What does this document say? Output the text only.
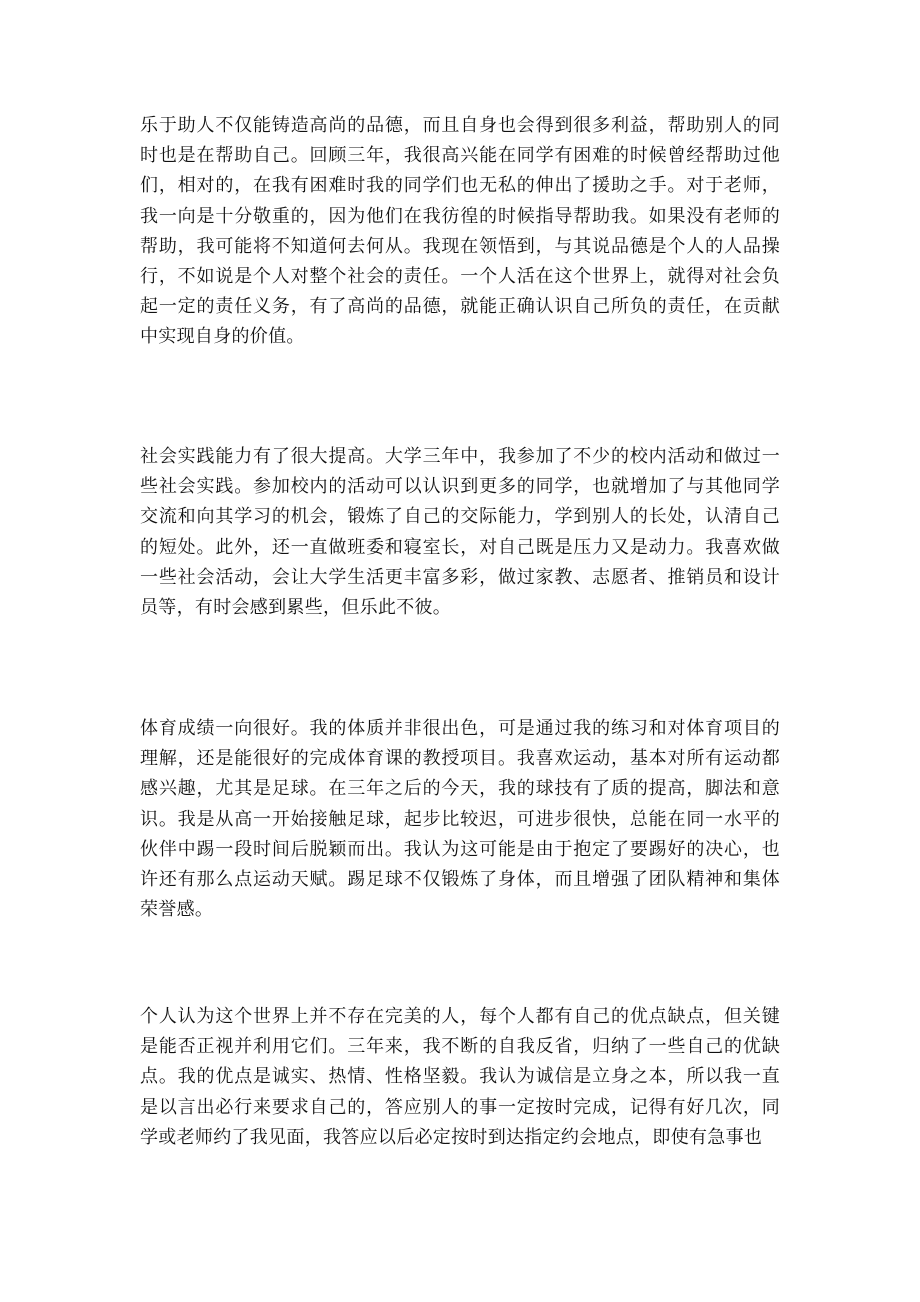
乐于助人不仅能铸造高尚的品德，而且自身也会得到很多利益，帮助别人的同时也是在帮助自己。回顾三年，我很高兴能在同学有困难的时候曾经帮助过他们，相对的，在我有困难时我的同学们也无私的伸出了援助之手。对于老师，我一向是十分敬重的，因为他们在我彷徨的时候指导帮助我。如果没有老师的帮助，我可能将不知道何去何从。我现在领悟到，与其说品德是个人的人品操行，不如说是个人对整个社会的责任。一个人活在这个世界上，就得对社会负起一定的责任义务，有了高尚的品德，就能正确认识自己所负的责任，在贡献中实现自身的价值。

社会实践能力有了很大提高。大学三年中，我参加了不少的校内活动和做过一些社会实践。参加校内的活动可以认识到更多的同学，也就增加了与其他同学交流和向其学习的机会，锻炼了自己的交际能力，学到别人的长处，认清自己的短处。此外，还一直做班委和寝室长，对自己既是压力又是动力。我喜欢做一些社会活动，会让大学生活更丰富多彩，做过家教、志愿者、推销员和设计员等，有时会感到累些，但乐此不彼。

体育成绩一向很好。我的体质并非很出色，可是通过我的练习和对体育项目的理解，还是能很好的完成体育课的教授项目。我喜欢运动，基本对所有运动都感兴趣，尤其是足球。在三年之后的今天，我的球技有了质的提高，脚法和意识。我是从高一开始接触足球，起步比较迟，可进步很快，总能在同一水平的伙伴中踢一段时间后脱颖而出。我认为这可能是由于抱定了要踢好的决心，也许还有那么点运动天赋。踢足球不仅锻炼了身体，而且增强了团队精神和集体荣誉感。

个人认为这个世界上并不存在完美的人，每个人都有自己的优点缺点，但关键是能否正视并利用它们。三年来，我不断的自我反省，归纳了一些自己的优缺点。我的优点是诚实、热情、性格坚毅。我认为诚信是立身之本，所以我一直是以言出必行来要求自己的，答应别人的事一定按时完成，记得有好几次，同学或老师约了我见面，我答应以后必定按时到达指定约会地点，即使有急事也
